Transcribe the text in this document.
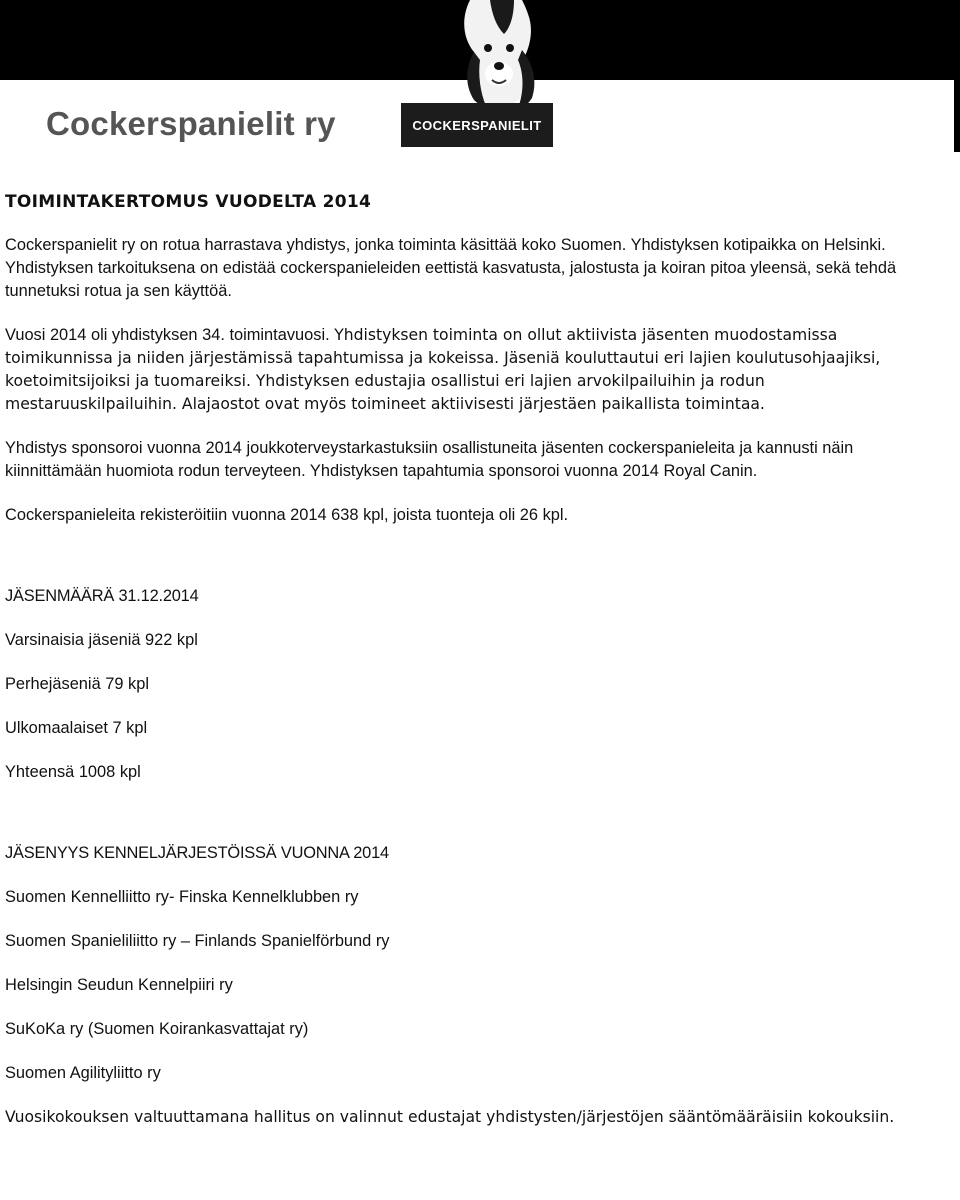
Cockerspanielit ry	COCKERSPANIELIT

TOIMINTAKERTOMUS VUODELTA 2014

Cockerspanielit ry on rotua harrastava yhdistys, jonka toiminta käsittää koko Suomen. Yhdistyksen kotipaikka on Helsinki. Yhdistyksen tarkoituksena on edistää cockerspanieleiden eettistä kasvatusta, jalostusta ja koiran pitoa yleensä, sekä tehdä tunnetuksi rotua ja sen käyttöä.

Vuosi 2014 oli yhdistyksen 34. toimintavuosi. Yhdistyksen toiminta on ollut aktiivista jäsenten muodostamissa toimikunnissa ja niiden järjestämissä tapahtumissa ja kokeissa. Jäseniä kouluttautui eri lajien koulutusohjaajiksi, koetoimitsijoiksi ja tuomareiksi. Yhdistyksen edustajia osallistui eri lajien arvokilpailuihin ja rodun mestaruuskilpailuihin. Alajaostot ovat myös toimineet aktiivisesti järjestäen paikallista toimintaa.

Yhdistys sponsoroi vuonna 2014 joukkoterveystarkastuksiin osallistuneita jäsenten cockerspanieleita ja kannusti näin kiinnittämään huomiota rodun terveyteen. Yhdistyksen tapahtumia sponsoroi vuonna 2014 Royal Canin.

Cockerspanieleita rekisteröitiin vuonna 2014 638 kpl, joista tuonteja oli 26 kpl.

JÄSENMÄÄRÄ 31.12.2014

Varsinaisia jäseniä 922 kpl

Perhejäseniä 79 kpl

Ulkomaalaiset 7 kpl

Yhteensä 1008 kpl

JÄSENYYS KENNELJÄRJESTÖISSÄ VUONNA 2014

Suomen Kennelliitto ry- Finska Kennelklubben ry

Suomen Spanieliliitto ry – Finlands Spanielförbund ry

Helsingin Seudun Kennelpiiri ry

SuKoKa ry (Suomen Koirankasvattajat ry)

Suomen Agilityliitto ry

Vuosikokouksen valtuuttamana hallitus on valinnut edustajat yhdistysten/järjestöjen sääntömääräisiin kokouksiin.
